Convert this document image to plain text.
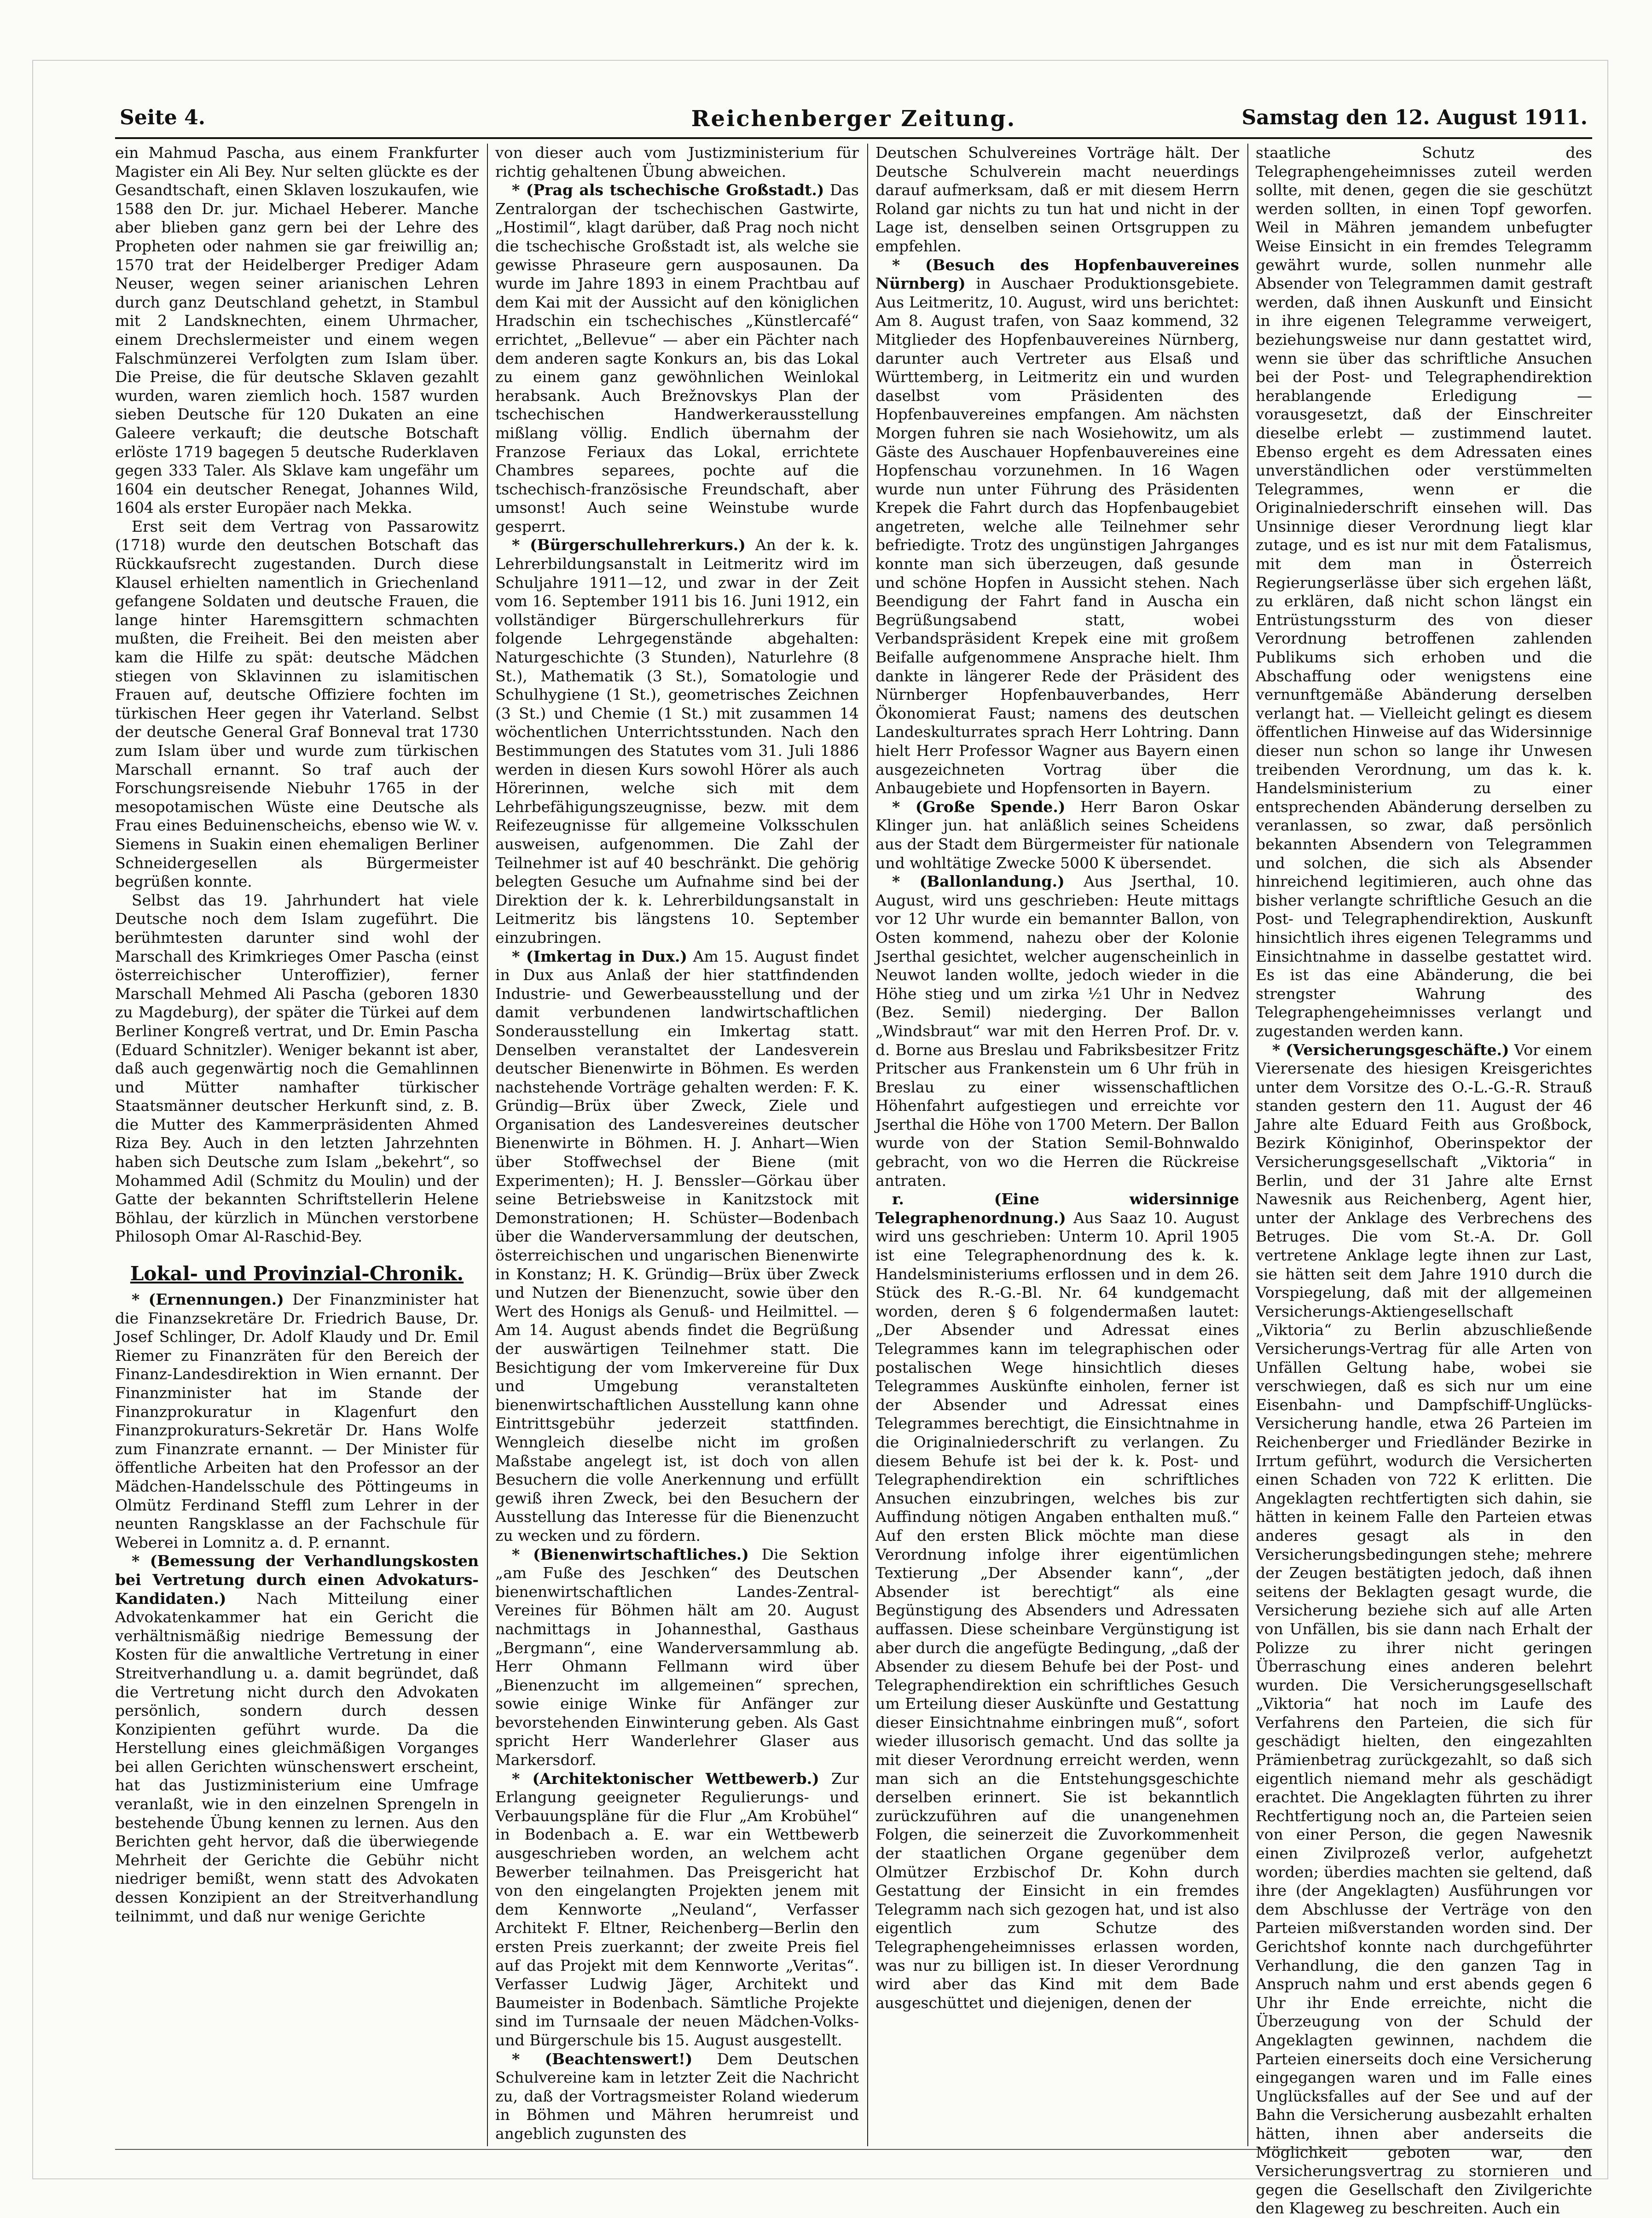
Seite 4.	Reichenberger Zeitung.	Samstag den 12. August 1911.

ein Mahmud Pascha, aus einem Frankfurter Magister ein Ali Bey. Nur selten glückte es der Gesandtschaft, einen Sklaven loszukaufen, wie 1588 den Dr. jur. Michael Heberer. Manche aber blieben ganz gern bei der Lehre des Propheten oder nahmen sie gar freiwillig an; 1570 trat der Heidelberger Prediger Adam Neuser, wegen seiner arianischen Lehren durch ganz Deutschland gehetzt, in Stambul mit 2 Landsknechten, einem Uhrmacher, einem Drechslermeister und einem wegen Falschmünzerei Verfolgten zum Islam über. Die Preise, die für deutsche Sklaven gezahlt wurden, waren ziemlich hoch. 1587 wurden sieben Deutsche für 120 Dukaten an eine Galeere verkauft; die deutsche Botschaft erlöste 1719 bagegen 5 deutsche Ruderklaven gegen 333 Taler. Als Sklave kam ungefähr um 1604 ein deutscher Renegat, Johannes Wild, 1604 als erster Europäer nach Mekka.

Erst seit dem Vertrag von Passarowitz (1718) wurde den deutschen Botschaft das Rückkaufsrecht zugestanden. Durch diese Klausel erhielten namentlich in Griechenland gefangene Soldaten und deutsche Frauen, die lange hinter Haremsgittern schmachten mußten, die Freiheit. Bei den meisten aber kam die Hilfe zu spät: deutsche Mädchen stiegen von Sklavinnen zu islamitischen Frauen auf, deutsche Offiziere fochten im türkischen Heer gegen ihr Vaterland. Selbst der deutsche General Graf Bonneval trat 1730 zum Islam über und wurde zum türkischen Marschall ernannt. So traf auch der Forschungsreisende Niebuhr 1765 in der mesopotamischen Wüste eine Deutsche als Frau eines Beduinenscheichs, ebenso wie W. v. Siemens in Suakin einen ehemaligen Berliner Schneidergesellen als Bürgermeister begrüßen konnte.

Selbst das 19. Jahrhundert hat viele Deutsche noch dem Islam zugeführt. Die berühmtesten darunter sind wohl der Marschall des Krimkrieges Omer Pascha (einst österreichischer Unteroffizier), ferner Marschall Mehmed Ali Pascha (geboren 1830 zu Magdeburg), der später die Türkei auf dem Berliner Kongreß vertrat, und Dr. Emin Pascha (Eduard Schnitzler). Weniger bekannt ist aber, daß auch gegenwärtig noch die Gemahlinnen und Mütter namhafter türkischer Staatsmänner deutscher Herkunft sind, z. B. die Mutter des Kammerpräsidenten Ahmed Riza Bey. Auch in den letzten Jahrzehnten haben sich Deutsche zum Islam „bekehrt“, so Mohammed Adil (Schmitz du Moulin) und der Gatte der bekannten Schriftstellerin Helene Böhlau, der kürzlich in München verstorbene Philosoph Omar Al-Raschid-Bey.

Lokal- und Provinzial-Chronik.

* (Ernennungen.) Der Finanzminister hat die Finanzsekretäre Dr. Friedrich Bause, Dr. Josef Schlinger, Dr. Adolf Klaudy und Dr. Emil Riemer zu Finanzräten für den Bereich der Finanz-Landesdirektion in Wien ernannt. Der Finanzminister hat im Stande der Finanzprokuratur in Klagenfurt den Finanzprokuraturs-Sekretär Dr. Hans Wolfe zum Finanzrate ernannt. — Der Minister für öffentliche Arbeiten hat den Professor an der Mädchen-Handelsschule des Pöttingeums in Olmütz Ferdinand Steffl zum Lehrer in der neunten Rangsklasse an der Fachschule für Weberei in Lomnitz a. d. P. ernannt.

* (Bemessung der Verhandlungskosten bei Vertretung durch einen Advokaturs-Kandidaten.) Nach Mitteilung einer Advokatenkammer hat ein Gericht die verhältnismäßig niedrige Bemessung der Kosten für die anwaltliche Vertretung in einer Streitverhandlung u. a. damit begründet, daß die Vertretung nicht durch den Advokaten persönlich, sondern durch dessen Konzipienten geführt wurde. Da die Herstellung eines gleichmäßigen Vorganges bei allen Gerichten wünschenswert erscheint, hat das Justizministerium eine Umfrage veranlaßt, wie in den einzelnen Sprengeln in bestehende Übung kennen zu lernen. Aus den Berichten geht hervor, daß die überwiegende Mehrheit der Gerichte die Gebühr nicht niedriger bemißt, wenn statt des Advokaten dessen Konzipient an der Streitverhandlung teilnimmt, und daß nur wenige Gerichte

von dieser auch vom Justizministerium für richtig gehaltenen Übung abweichen.

* (Prag als tschechische Großstadt.) Das Zentralorgan der tschechischen Gastwirte, „Hostimil“, klagt darüber, daß Prag noch nicht die tschechische Großstadt ist, als welche sie gewisse Phraseure gern ausposaunen. Da wurde im Jahre 1893 in einem Prachtbau auf dem Kai mit der Aussicht auf den königlichen Hradschin ein tschechisches „Künstlercafé“ errichtet, „Bellevue“ — aber ein Pächter nach dem anderen sagte Konkurs an, bis das Lokal zu einem ganz gewöhnlichen Weinlokal herabsank. Auch Brežnovskys Plan der tschechischen Handwerkerausstellung mißlang völlig. Endlich übernahm der Franzose Feriaux das Lokal, errichtete Chambres separees, pochte auf die tschechisch-französische Freundschaft, aber umsonst! Auch seine Weinstube wurde gesperrt.

* (Bürgerschullehrerkurs.) An der k. k. Lehrerbildungsanstalt in Leitmeritz wird im Schuljahre 1911—12, und zwar in der Zeit vom 16. September 1911 bis 16. Juni 1912, ein vollständiger Bürgerschullehrerkurs für folgende Lehrgegenstände abgehalten: Naturgeschichte (3 Stunden), Naturlehre (8 St.), Mathematik (3 St.), Somatologie und Schulhygiene (1 St.), geometrisches Zeichnen (3 St.) und Chemie (1 St.) mit zusammen 14 wöchentlichen Unterrichtsstunden. Nach den Bestimmungen des Statutes vom 31. Juli 1886 werden in diesen Kurs sowohl Hörer als auch Hörerinnen, welche sich mit dem Lehrbefähigungszeugnisse, bezw. mit dem Reifezeugnisse für allgemeine Volksschulen ausweisen, aufgenommen. Die Zahl der Teilnehmer ist auf 40 beschränkt. Die gehörig belegten Gesuche um Aufnahme sind bei der Direktion der k. k. Lehrerbildungsanstalt in Leitmeritz bis längstens 10. September einzubringen.

* (Imkertag in Dux.) Am 15. August findet in Dux aus Anlaß der hier stattfindenden Industrie- und Gewerbeausstellung und der damit verbundenen landwirtschaftlichen Sonderausstellung ein Imkertag statt. Denselben veranstaltet der Landesverein deutscher Bienenwirte in Böhmen. Es werden nachstehende Vorträge gehalten werden: F. K. Gründig—Brüx über Zweck, Ziele und Organisation des Landesvereines deutscher Bienenwirte in Böhmen. H. J. Anhart—Wien über Stoffwechsel der Biene (mit Experimenten); H. J. Benssler—Görkau über seine Betriebsweise in Kanitzstock mit Demonstrationen; H. Schüster—Bodenbach über die Wanderversammlung der deutschen, österreichischen und ungarischen Bienenwirte in Konstanz; H. K. Gründig—Brüx über Zweck und Nutzen der Bienenzucht, sowie über den Wert des Honigs als Genuß- und Heilmittel. — Am 14. August abends findet die Begrüßung der auswärtigen Teilnehmer statt. Die Besichtigung der vom Imkervereine für Dux und Umgebung veranstalteten bienenwirtschaftlichen Ausstellung kann ohne Eintrittsgebühr jederzeit stattfinden. Wenngleich dieselbe nicht im großen Maßstabe angelegt ist, ist doch von allen Besuchern die volle Anerkennung und erfüllt gewiß ihren Zweck, bei den Besuchern der Ausstellung das Interesse für die Bienenzucht zu wecken und zu fördern.

* (Bienenwirtschaftliches.) Die Sektion „am Fuße des Jeschken“ des Deutschen bienenwirtschaftlichen Landes-Zentral-Vereines für Böhmen hält am 20. August nachmittags in Johannesthal, Gasthaus „Bergmann“, eine Wanderversammlung ab. Herr Ohmann Fellmann wird über „Bienenzucht im allgemeinen“ sprechen, sowie einige Winke für Anfänger zur bevorstehenden Einwinterung geben. Als Gast spricht Herr Wanderlehrer Glaser aus Markersdorf.

* (Architektonischer Wettbewerb.) Zur Erlangung geeigneter Regulierungs- und Verbauungspläne für die Flur „Am Krobühel“ in Bodenbach a. E. war ein Wettbewerb ausgeschrieben worden, an welchem acht Bewerber teilnahmen. Das Preisgericht hat von den eingelangten Projekten jenem mit dem Kennworte „Neuland“, Verfasser Architekt F. Eltner, Reichenberg—Berlin den ersten Preis zuerkannt; der zweite Preis fiel auf das Projekt mit dem Kennworte „Veritas“. Verfasser Ludwig Jäger, Architekt und Baumeister in Bodenbach. Sämtliche Projekte sind im Turnsaale der neuen Mädchen-Volks- und Bürgerschule bis 15. August ausgestellt.

* (Beachtenswert!) Dem Deutschen Schulvereine kam in letzter Zeit die Nachricht zu, daß der Vortragsmeister Roland wiederum in Böhmen und Mähren herumreist und angeblich zugunsten des

Deutschen Schulvereines Vorträge hält. Der Deutsche Schulverein macht neuerdings darauf aufmerksam, daß er mit diesem Herrn Roland gar nichts zu tun hat und nicht in der Lage ist, denselben seinen Ortsgruppen zu empfehlen.

* (Besuch des Hopfenbauvereines Nürnberg) in Auschaer Produktionsgebiete. Aus Leitmeritz, 10. August, wird uns berichtet: Am 8. August trafen, von Saaz kommend, 32 Mitglieder des Hopfenbauvereines Nürnberg, darunter auch Vertreter aus Elsaß und Württemberg, in Leitmeritz ein und wurden daselbst vom Präsidenten des Hopfenbauvereines empfangen. Am nächsten Morgen fuhren sie nach Wosiehowitz, um als Gäste des Auschauer Hopfenbauvereines eine Hopfenschau vorzunehmen. In 16 Wagen wurde nun unter Führung des Präsidenten Krepek die Fahrt durch das Hopfenbaugebiet angetreten, welche alle Teilnehmer sehr befriedigte. Trotz des ungünstigen Jahrganges konnte man sich überzeugen, daß gesunde und schöne Hopfen in Aussicht stehen. Nach Beendigung der Fahrt fand in Auscha ein Begrüßungsabend statt, wobei Verbandspräsident Krepek eine mit großem Beifalle aufgenommene Ansprache hielt. Ihm dankte in längerer Rede der Präsident des Nürnberger Hopfenbauverbandes, Herr Ökonomierat Faust; namens des deutschen Landeskulturrates sprach Herr Lohtring. Dann hielt Herr Professor Wagner aus Bayern einen ausgezeichneten Vortrag über die Anbaugebiete und Hopfensorten in Bayern.

* (Große Spende.) Herr Baron Oskar Klinger jun. hat anläßlich seines Scheidens aus der Stadt dem Bürgermeister für nationale und wohltätige Zwecke 5000 K übersendet.

* (Ballonlandung.) Aus Jserthal, 10. August, wird uns geschrieben: Heute mittags vor 12 Uhr wurde ein bemannter Ballon, von Osten kommend, nahezu ober der Kolonie Jserthal gesichtet, welcher augenscheinlich in Neuwot landen wollte, jedoch wieder in die Höhe stieg und um zirka ½1 Uhr in Nedvez (Bez. Semil) niederging. Der Ballon „Windsbraut“ war mit den Herren Prof. Dr. v. d. Borne aus Breslau und Fabriksbesitzer Fritz Pritscher aus Frankenstein um 6 Uhr früh in Breslau zu einer wissenschaftlichen Höhenfahrt aufgestiegen und erreichte vor Jserthal die Höhe von 1700 Metern. Der Ballon wurde von der Station Semil-Bohnwaldo gebracht, von wo die Herren die Rückreise antraten.

r. (Eine widersinnige Telegraphenordnung.) Aus Saaz 10. August wird uns geschrieben: Unterm 10. April 1905 ist eine Telegraphenordnung des k. k. Handelsministeriums erflossen und in dem 26. Stück des R.-G.-Bl. Nr. 64 kundgemacht worden, deren § 6 folgendermaßen lautet: „Der Absender und Adressat eines Telegrammes kann im telegraphischen oder postalischen Wege hinsichtlich dieses Telegrammes Auskünfte einholen, ferner ist der Absender und Adressat eines Telegrammes berechtigt, die Einsichtnahme in die Originalniederschrift zu verlangen. Zu diesem Behufe ist bei der k. k. Post- und Telegraphendirektion ein schriftliches Ansuchen einzubringen, welches bis zur Auffindung nötigen Angaben enthalten muß.“ Auf den ersten Blick möchte man diese Verordnung infolge ihrer eigentümlichen Textierung „Der Absender kann“, „der Absender ist berechtigt“ als eine Begünstigung des Absenders und Adressaten auffassen. Diese scheinbare Vergünstigung ist aber durch die angefügte Bedingung, „daß der Absender zu diesem Behufe bei der Post- und Telegraphendirektion ein schriftliches Gesuch um Erteilung dieser Auskünfte und Gestattung dieser Einsichtnahme einbringen muß“, sofort wieder illusorisch gemacht. Und das sollte ja mit dieser Verordnung erreicht werden, wenn man sich an die Entstehungsgeschichte derselben erinnert. Sie ist bekanntlich zurückzuführen auf die unangenehmen Folgen, die seinerzeit die Zuvorkommenheit der staatlichen Organe gegenüber dem Olmützer Erzbischof Dr. Kohn durch Gestattung der Einsicht in ein fremdes Telegramm nach sich gezogen hat, und ist also eigentlich zum Schutze des Telegraphengeheimnisses erlassen worden, was nur zu billigen ist. In dieser Verordnung wird aber das Kind mit dem Bade ausgeschüttet und diejenigen, denen der

staatliche Schutz des Telegraphengeheimnisses zuteil werden sollte, mit denen, gegen die sie geschützt werden sollten, in einen Topf geworfen. Weil in Mähren jemandem unbefugter Weise Einsicht in ein fremdes Telegramm gewährt wurde, sollen nunmehr alle Absender von Telegrammen damit gestraft werden, daß ihnen Auskunft und Einsicht in ihre eigenen Telegramme verweigert, beziehungsweise nur dann gestattet wird, wenn sie über das schriftliche Ansuchen bei der Post- und Telegraphendirektion herablangende Erledigung — vorausgesetzt, daß der Einschreiter dieselbe erlebt — zustimmend lautet. Ebenso ergeht es dem Adressaten eines unverständlichen oder verstümmelten Telegrammes, wenn er die Originalniederschrift einsehen will. Das Unsinnige dieser Verordnung liegt klar zutage, und es ist nur mit dem Fatalismus, mit dem man in Österreich Regierungserlässe über sich ergehen läßt, zu erklären, daß nicht schon längst ein Entrüstungssturm des von dieser Verordnung betroffenen zahlenden Publikums sich erhoben und die Abschaffung oder wenigstens eine vernunftgemäße Abänderung derselben verlangt hat. — Vielleicht gelingt es diesem öffentlichen Hinweise auf das Widersinnige dieser nun schon so lange ihr Unwesen treibenden Verordnung, um das k. k. Handelsministerium zu einer entsprechenden Abänderung derselben zu veranlassen, so zwar, daß persönlich bekannten Absendern von Telegrammen und solchen, die sich als Absender hinreichend legitimieren, auch ohne das bisher verlangte schriftliche Gesuch an die Post- und Telegraphendirektion, Auskunft hinsichtlich ihres eigenen Telegramms und Einsichtnahme in dasselbe gestattet wird. Es ist das eine Abänderung, die bei strengster Wahrung des Telegraphengeheimnisses verlangt und zugestanden werden kann.

* (Versicherungsgeschäfte.) Vor einem Vierersenate des hiesigen Kreisgerichtes unter dem Vorsitze des O.-L.-G.-R. Strauß standen gestern den 11. August der 46 Jahre alte Eduard Feith aus Großbock, Bezirk Königinhof, Oberinspektor der Versicherungsgesellschaft „Viktoria“ in Berlin, und der 31 Jahre alte Ernst Nawesnik aus Reichenberg, Agent hier, unter der Anklage des Verbrechens des Betruges. Die vom St.-A. Dr. Goll vertretene Anklage legte ihnen zur Last, sie hätten seit dem Jahre 1910 durch die Vorspiegelung, daß mit der allgemeinen Versicherungs-Aktiengesellschaft „Viktoria“ zu Berlin abzuschließende Versicherungs-Vertrag für alle Arten von Unfällen Geltung habe, wobei sie verschwiegen, daß es sich nur um eine Eisenbahn- und Dampfschiff-Unglücks-Versicherung handle, etwa 26 Parteien im Reichenberger und Friedländer Bezirke in Irrtum geführt, wodurch die Versicherten einen Schaden von 722 K erlitten. Die Angeklagten rechtfertigten sich dahin, sie hätten in keinem Falle den Parteien etwas anderes gesagt als in den Versicherungsbedingungen stehe; mehrere der Zeugen bestätigten jedoch, daß ihnen seitens der Beklagten gesagt wurde, die Versicherung beziehe sich auf alle Arten von Unfällen, bis sie dann nach Erhalt der Polizze zu ihrer nicht geringen Überraschung eines anderen belehrt wurden. Die Versicherungsgesellschaft „Viktoria“ hat noch im Laufe des Verfahrens den Parteien, die sich für geschädigt hielten, den eingezahlten Prämienbetrag zurückgezahlt, so daß sich eigentlich niemand mehr als geschädigt erachtet. Die Angeklagten führten zu ihrer Rechtfertigung noch an, die Parteien seien von einer Person, die gegen Nawesnik einen Zivilprozeß verlor, aufgehetzt worden; überdies machten sie geltend, daß ihre (der Angeklagten) Ausführungen vor dem Abschlusse der Verträge von den Parteien mißverstanden worden sind. Der Gerichtshof konnte nach durchgeführter Verhandlung, die den ganzen Tag in Anspruch nahm und erst abends gegen 6 Uhr ihr Ende erreichte, nicht die Überzeugung von der Schuld der Angeklagten gewinnen, nachdem die Parteien einerseits doch eine Versicherung eingegangen waren und im Falle eines Unglücksfalles auf der See und auf der Bahn die Versicherung ausbezahlt erhalten hätten, ihnen aber anderseits die Möglichkeit geboten war, den Versicherungsvertrag zu stornieren und gegen die Gesellschaft den Zivilgerichte den Klageweg zu beschreiten. Auch ein
